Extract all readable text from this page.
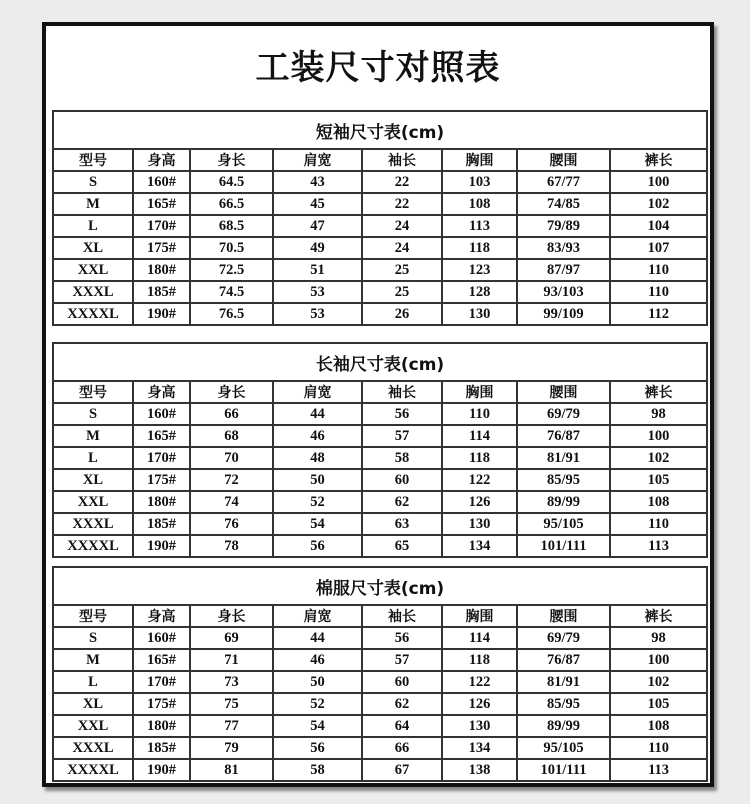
工装尺寸对照表
短袖尺寸表(cm)							
型号	身高	身长	肩宽	袖长	胸围	腰围	裤长
S	160#	64.5	43	22	103	67/77	100
M	165#	66.5	45	22	108	74/85	102
L	170#	68.5	47	24	113	79/89	104
XL	175#	70.5	49	24	118	83/93	107
XXL	180#	72.5	51	25	123	87/97	110
XXXL	185#	74.5	53	25	128	93/103	110
XXXXL	190#	76.5	53	26	130	99/109	112
长袖尺寸表(cm)							
型号	身高	身长	肩宽	袖长	胸围	腰围	裤长
S	160#	66	44	56	110	69/79	98
M	165#	68	46	57	114	76/87	100
L	170#	70	48	58	118	81/91	102
XL	175#	72	50	60	122	85/95	105
XXL	180#	74	52	62	126	89/99	108
XXXL	185#	76	54	63	130	95/105	110
XXXXL	190#	78	56	65	134	101/111	113
棉服尺寸表(cm)							
型号	身高	身长	肩宽	袖长	胸围	腰围	裤长
S	160#	69	44	56	114	69/79	98
M	165#	71	46	57	118	76/87	100
L	170#	73	50	60	122	81/91	102
XL	175#	75	52	62	126	85/95	105
XXL	180#	77	54	64	130	89/99	108
XXXL	185#	79	56	66	134	95/105	110
XXXXL	190#	81	58	67	138	101/111	113
